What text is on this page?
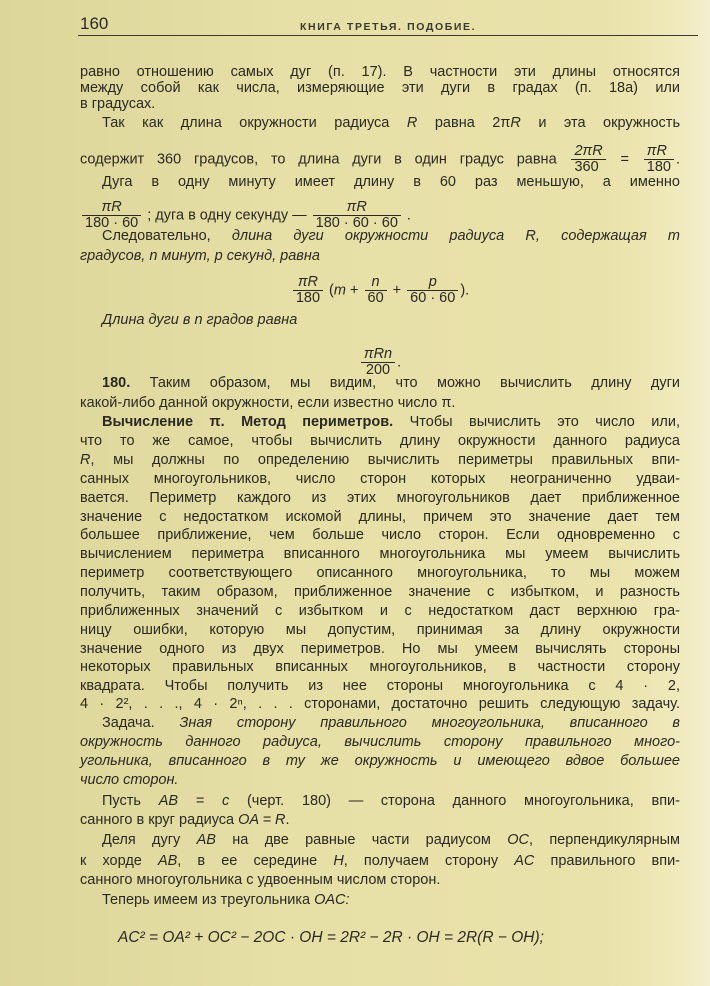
160	КНИГА ТРЕТЬЯ. ПОДОБИЕ.
равно отношению самых дуг (п. 17). В частности эти длины относятся
между собой как числа, измеряющие эти дуги в градах (п. 18а) или
в градусах.
Так как длина окружности радиуса R равна 2πR и эта окружность
содержит 360 градусов, то длина дуги в один градус равна $\frac{2\pi R}{360} = \frac{\pi R}{180}$ .
Дуга в одну минуту имеет длину в 60 раз меньшую, а именно
$\frac{\pi R}{180 \cdot 60}$ ; дуга в одну секунду — $\frac{\pi R}{180 \cdot 60 \cdot 60}$ .
Следовательно, длина дуги окружности радиуса R, содержащая m
градусов, n минут, p секунд, равна
$\frac{\pi R}{180} (m + \frac{n}{60} + \frac{p}{60 \cdot 60}$ ).
Длина дуги в n градов равна
$\frac{\text{πRn}}{200}$ .
180. Таким образом, мы видим, что можно вычислить длину дуги
какой-либо данной окружности, если известно число π.
Вычисление π. Метод периметров. Чтобы вычислить это число или,
что то же самое, чтобы вычислить длину окружности данного радиуса
R, мы должны по определению вычислить периметры правильных впи-
санных многоугольников, число сторон которых неограниченно удваи-
вается. Периметр каждого из этих многоугольников дает приближенное
значение с недостатком искомой длины, причем это значение дает тем
большее приближение, чем больше число сторон. Если одновременно с
вычислением периметра вписанного многоугольника мы умеем вычислить
периметр соответствующего описанного многоугольника, то мы можем
получить, таким образом, приближенное значение с избытком, и разность
приближенных значений с избытком и с недостатком даст верхнюю гра-
ницу ошибки, которую мы допустим, принимая за длину окружности
значение одного из двух периметров. Но мы умеем вычислять стороны
некоторых правильных вписанных многоугольников, в частности сторону
квадрата. Чтобы получить из нее стороны многоугольника с 4 · 2,
4 · 2², . . ., 4 · 2ⁿ, . . . сторонами, достаточно решить следующую задачу.
Задача. Зная сторону правильного многоугольника, вписанного в
окружность данного радиуса, вычислить сторону правильного много-
угольника, вписанного в ту же окружность и имеющего вдвое большее
число сторон.
Пусть AB = c (черт. 180) — сторона данного многоугольника, впи-
санного в круг радиуса OA = R.
Деля дугу AB на две равные части радиусом OC, перпендикулярным
к хорде AB, в ее середине H, получаем сторону AC правильного впи-
санного многоугольника с удвоенным числом сторон.
Теперь имеем из треугольника OAC:
AC² = OA² + OC² − 2OC · OH = 2R² − 2R · OH = 2R(R − OH);
